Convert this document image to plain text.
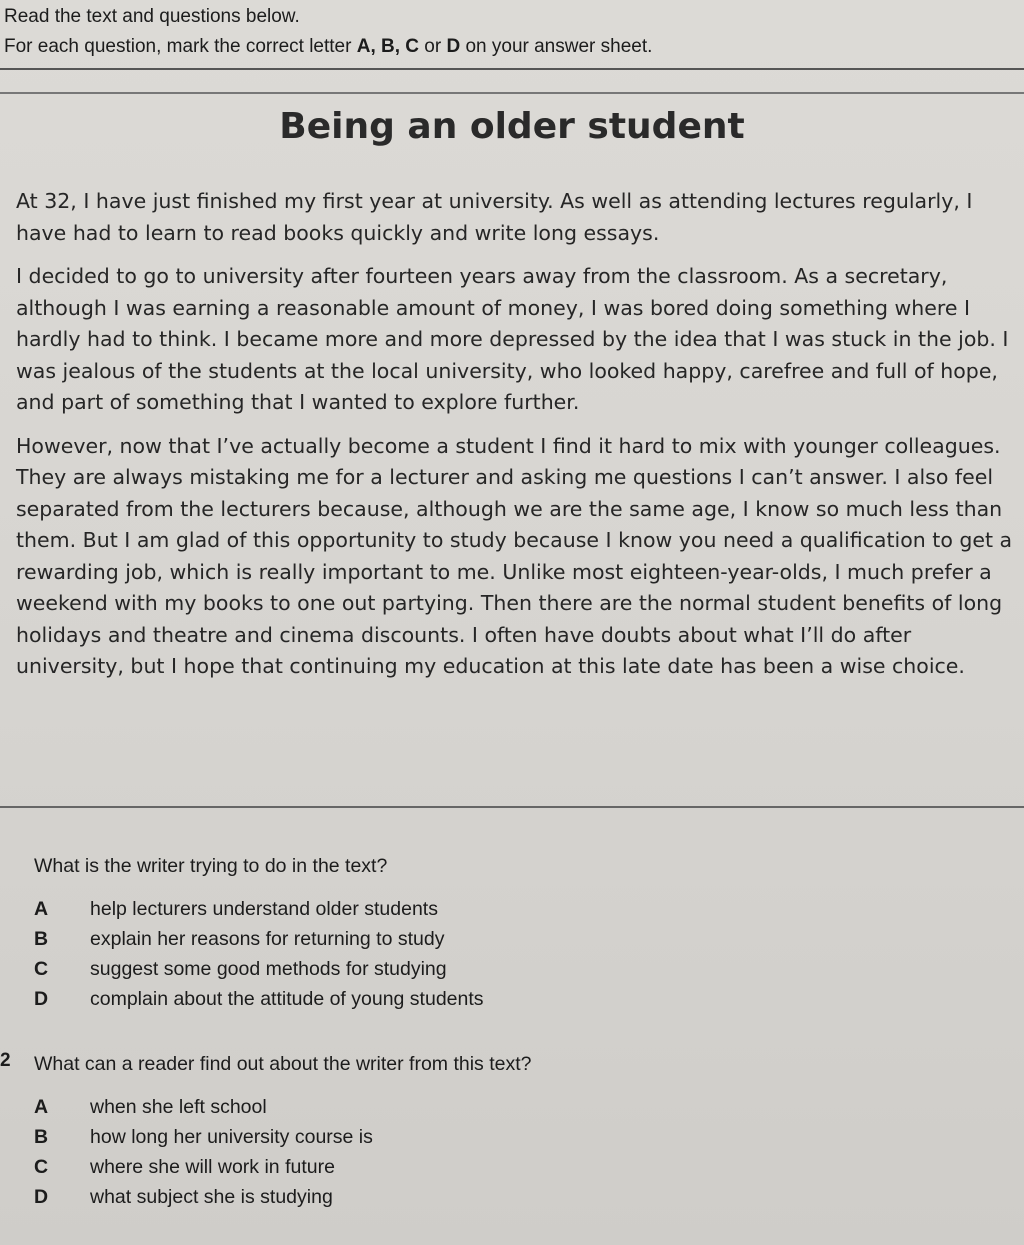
Read the text and questions below.

For each question, mark the correct letter A, B, C or D on your answer sheet.

Being an older student

At 32, I have just finished my first year at university. As well as attending lectures regularly, I have had to learn to read books quickly and write long essays.

I decided to go to university after fourteen years away from the classroom. As a secretary, although I was earning a reasonable amount of money, I was bored doing something where I hardly had to think. I became more and more depressed by the idea that I was stuck in the job. I was jealous of the students at the local university, who looked happy, carefree and full of hope, and part of something that I wanted to explore further.

However, now that I’ve actually become a student I find it hard to mix with younger colleagues. They are always mistaking me for a lecturer and asking me questions I can’t answer. I also feel separated from the lecturers because, although we are the same age, I know so much less than them. But I am glad of this opportunity to study because I know you need a qualification to get a rewarding job, which is really important to me. Unlike most eighteen-year-olds, I much prefer a weekend with my books to one out partying. Then there are the normal student benefits of long holidays and theatre and cinema discounts. I often have doubts about what I’ll do after university, but I hope that continuing my education at this late date has been a wise choice.

What is the writer trying to do in the text?

A	help lecturers understand older students
B	explain her reasons for returning to study
C	suggest some good methods for studying
D	complain about the attitude of young students
2 What can a reader find out about the writer from this text?

A	when she left school
B	how long her university course is
C	where she will work in future
D	what subject she is studying
